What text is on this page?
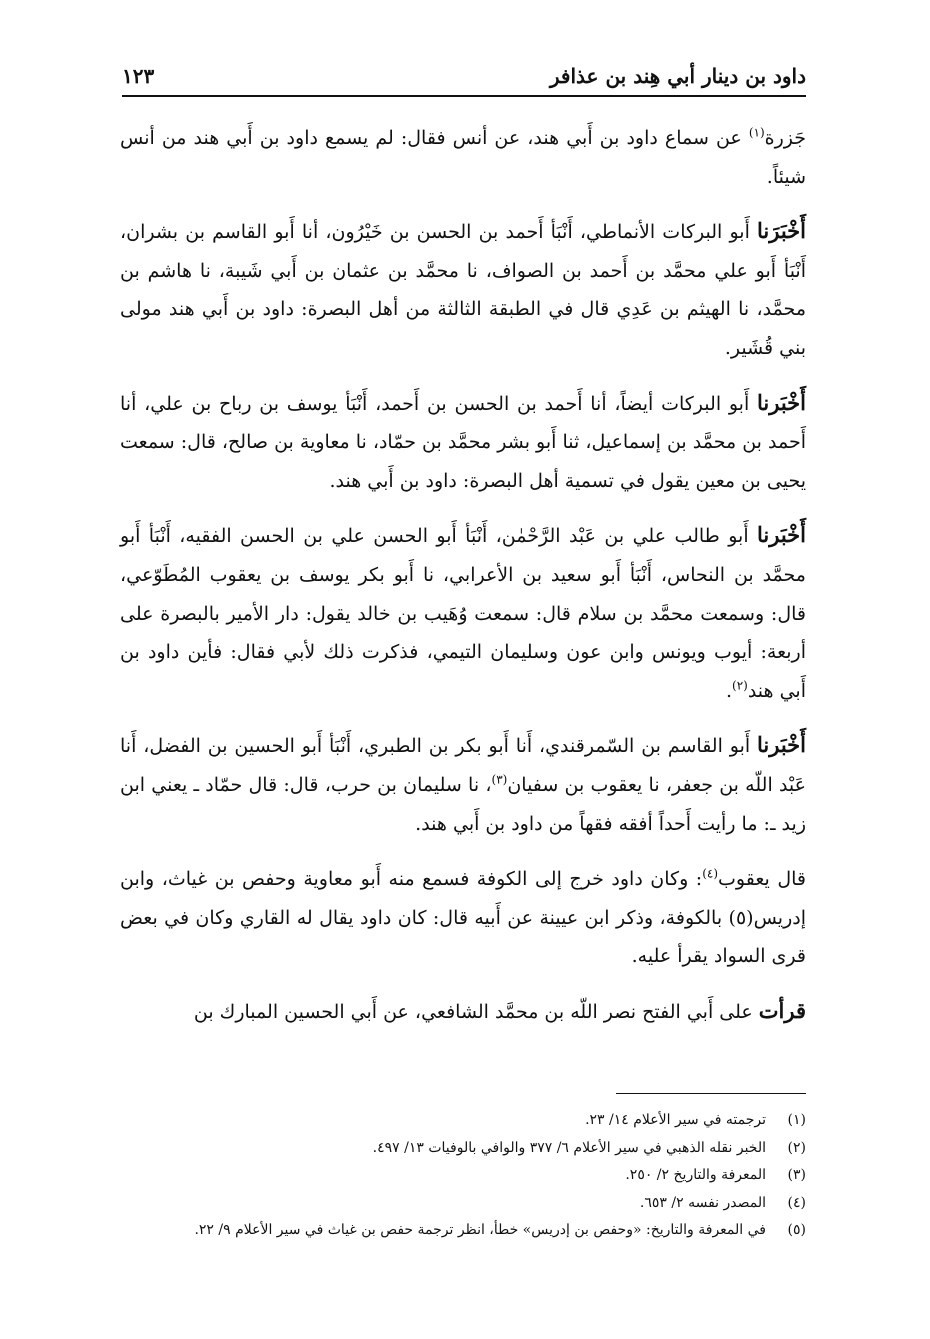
داود بن دينار أبي هِند بن عذافر
١٢٣

جَزرة$^{(١)}$ عن سماع داود بن أَبي هند، عن أنس فقال: لم يسمع داود بن أَبي هند من أنس شيئاً.

أَخْبَرَنا أَبو البركات الأنماطي، أَنْبَأ أَحمد بن الحسن بن خَيْرُون، أنا أَبو القاسم بن بشران، أَنْبَأ أَبو علي محمَّد بن أَحمد بن الصواف، نا محمَّد بن عثمان بن أَبي شَيبة، نا هاشم بن محمَّد، نا الهيثم بن عَدِي قال في الطبقة الثالثة من أهل البصرة: داود بن أَبي هند مولى بني قُشَير.

أَخْبَرنا أَبو البركات أيضاً، أنا أَحمد بن الحسن بن أَحمد، أَنْبَأ يوسف بن رباح بن علي، أنا أَحمد بن محمَّد بن إسماعيل، ثنا أَبو بشر محمَّد بن حمّاد، نا معاوية بن صالح، قال: سمعت يحيى بن معين يقول في تسمية أهل البصرة: داود بن أَبي هند.

أَخْبَرنا أَبو طالب علي بن عَبْد الرَّحْمٰن، أَنْبَأ أَبو الحسن علي بن الحسن الفقيه، أَنْبَأ أَبو محمَّد بن النحاس، أَنْبَأ أَبو سعيد بن الأعرابي، نا أَبو بكر يوسف بن يعقوب المُطَوّعي، قال: وسمعت محمَّد بن سلام قال: سمعت وُهَيب بن خالد يقول: دار الأمير بالبصرة على أربعة: أيوب ويونس وابن عون وسليمان التيمي، فذكرت ذلك لأبي فقال: فأين داود بن أَبي هند$^{(٢)}$.

أَخْبَرنا أَبو القاسم بن السّمرقندي، أَنا أَبو بكر بن الطبري، أَنْبَأ أَبو الحسين بن الفضل، أَنا عَبْد اللّه بن جعفر، نا يعقوب بن سفيان$^{(٣)}$، نا سليمان بن حرب، قال: قال حمّاد ـ يعني ابن زيد ـ: ما رأيت أَحداً أفقه فقهاً من داود بن أَبي هند.

قال يعقوب$^{(٤)}$: وكان داود خرج إلى الكوفة فسمع منه أَبو معاوية وحفص بن غياث، وابن إدريس(٥) بالكوفة، وذكر ابن عيينة عن أَبيه قال: كان داود يقال له القاري وكان في بعض قرى السواد يقرأ عليه.

قرأت على أَبي الفتح نصر اللّه بن محمَّد الشافعي، عن أَبي الحسين المبارك بن

(١)
ترجمته في سير الأعلام ١٤/ ٢٣.
(٢)
الخبر نقله الذهبي في سير الأعلام ٦/ ٣٧٧ والوافي بالوفيات ١٣/ ٤٩٧.
(٣)
المعرفة والتاريخ ٢/ ٢٥٠.
(٤)
المصدر نفسه ٢/ ٦٥٣.
(٥)
في المعرفة والتاريخ: «وحفص بن إدريس» خطأ، انظر ترجمة حفص بن غياث في سير الأعلام ٩/ ٢٢.
